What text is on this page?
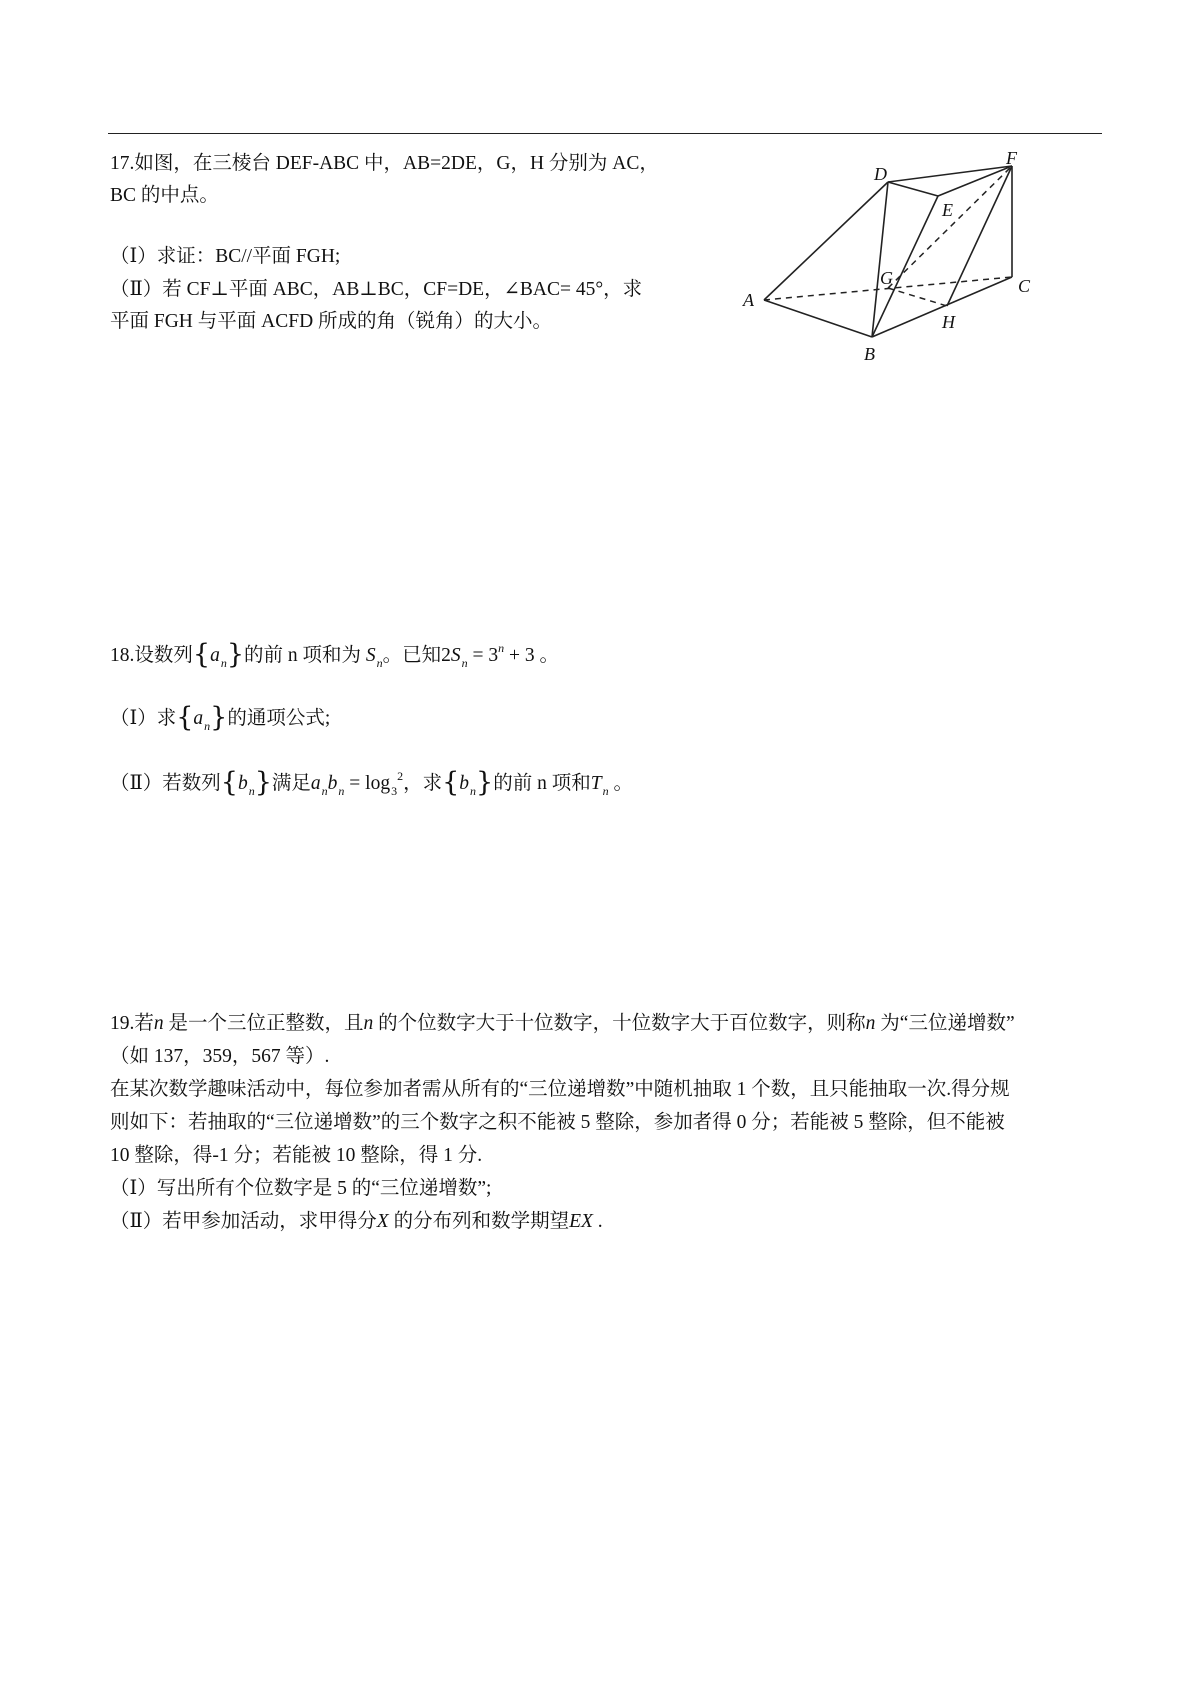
17.如图，在三棱台 DEF-ABC 中，AB=2DE，G，H 分别为 AC，
BC 的中点。
（Ⅰ）求证：BC//平面 FGH;
（Ⅱ）若 CF⊥平面 ABC，AB⊥BC，CF=DE，∠BAC= 45°，求
平面 FGH 与平面 ACFD 所成的角（锐角）的大小。
A
B
C
D
E
F
G
H
18.设数列$\{a_n\}$的前 n 项和为 $S_n$。已知$2S_n = 3^n + 3$ 。
（Ⅰ）求$\{a_n\}$的通项公式;
（Ⅱ）若数列$\{b_n\}$满足$a_nb_n = \log_3^2$，求$\{b_n\}$的前 n 项和$T_n$ 。
19.若n 是一个三位正整数，且n 的个位数字大于十位数字，十位数字大于百位数字，则称n 为“三位递增数”
（如 137，359，567 等）.
在某次数学趣味活动中，每位参加者需从所有的“三位递增数”中随机抽取 1 个数，且只能抽取一次.得分规
则如下：若抽取的“三位递增数”的三个数字之积不能被 5 整除，参加者得 0 分；若能被 5 整除，但不能被
10 整除，得-1 分；若能被 10 整除，得 1 分.
（Ⅰ）写出所有个位数字是 5 的“三位递增数”;
（Ⅱ）若甲参加活动，求甲得分X 的分布列和数学期望EX .
